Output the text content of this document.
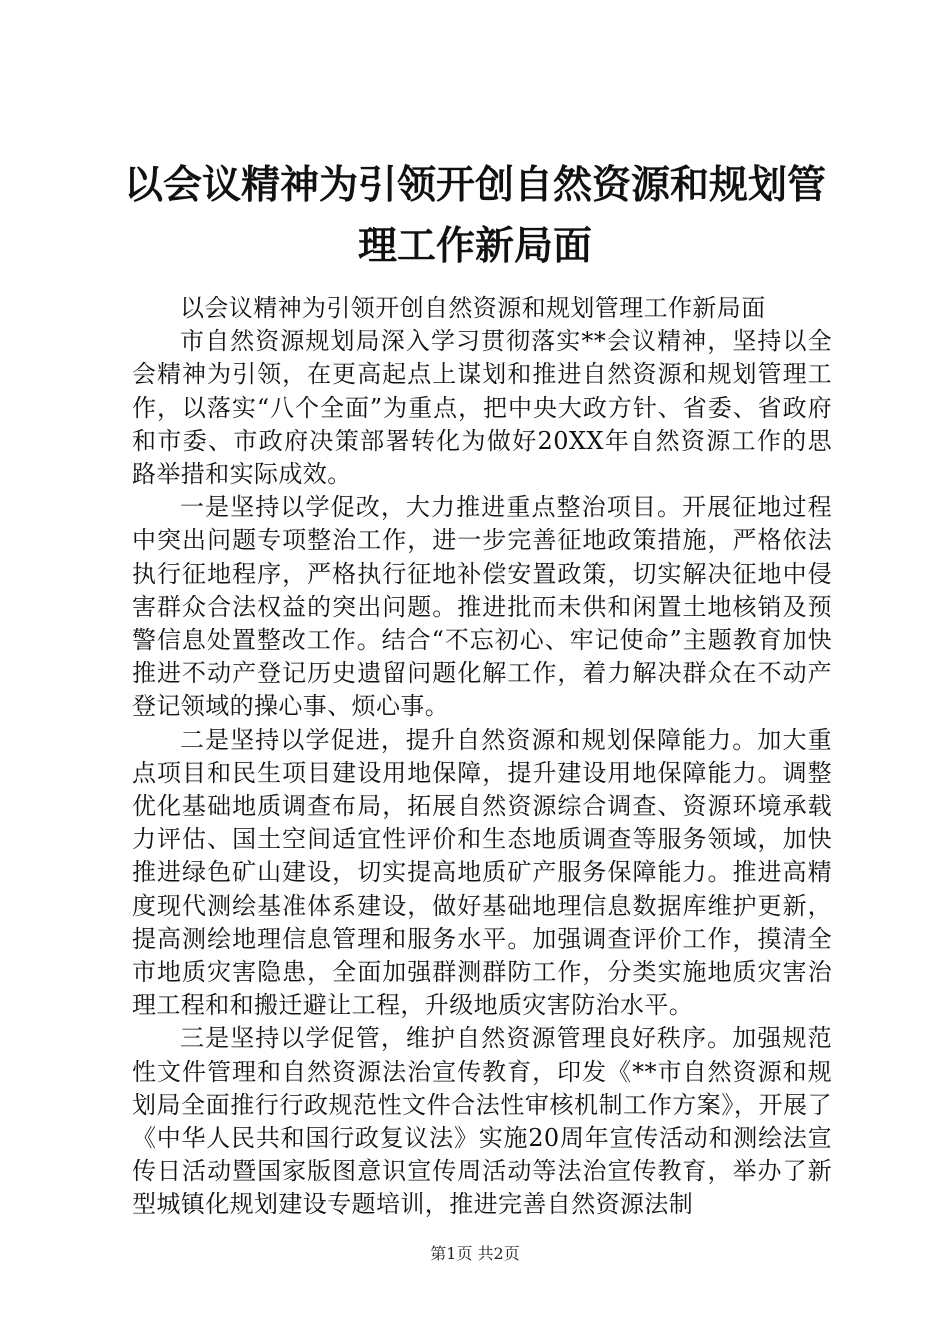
以会议精神为引领开创自然资源和规划管理工作新局面

以会议精神为引领开创自然资源和规划管理工作新局面

市自然资源规划局深入学习贯彻落实**会议精神，坚持以全会精神为引领，在更高起点上谋划和推进自然资源和规划管理工作，以落实“八个全面”为重点，把中央大政方针、省委、省政府和市委、市政府决策部署转化为做好20XX年自然资源工作的思路举措和实际成效。

一是坚持以学促改，大力推进重点整治项目。开展征地过程中突出问题专项整治工作，进一步完善征地政策措施，严格依法执行征地程序，严格执行征地补偿安置政策，切实解决征地中侵害群众合法权益的突出问题。推进批而未供和闲置土地核销及预警信息处置整改工作。结合“不忘初心、牢记使命”主题教育加快推进不动产登记历史遗留问题化解工作，着力解决群众在不动产登记领域的操心事、烦心事。

二是坚持以学促进，提升自然资源和规划保障能力。加大重点项目和民生项目建设用地保障，提升建设用地保障能力。调整优化基础地质调查布局，拓展自然资源综合调查、资源环境承载力评估、国土空间适宜性评价和生态地质调查等服务领域，加快推进绿色矿山建设，切实提高地质矿产服务保障能力。推进高精度现代测绘基准体系建设，做好基础地理信息数据库维护更新，提高测绘地理信息管理和服务水平。加强调查评价工作，摸清全市地质灾害隐患，全面加强群测群防工作，分类实施地质灾害治理工程和和搬迁避让工程，升级地质灾害防治水平。

三是坚持以学促管，维护自然资源管理良好秩序。加强规范性文件管理和自然资源法治宣传教育，印发《**市自然资源和规划局全面推行行政规范性文件合法性审核机制工作方案》，开展了《中华人民共和国行政复议法》实施20周年宣传活动和测绘法宣传日活动暨国家版图意识宣传周活动等法治宣传教育，举办了新型城镇化规划建设专题培训，推进完善自然资源法制

第1页 共2页
